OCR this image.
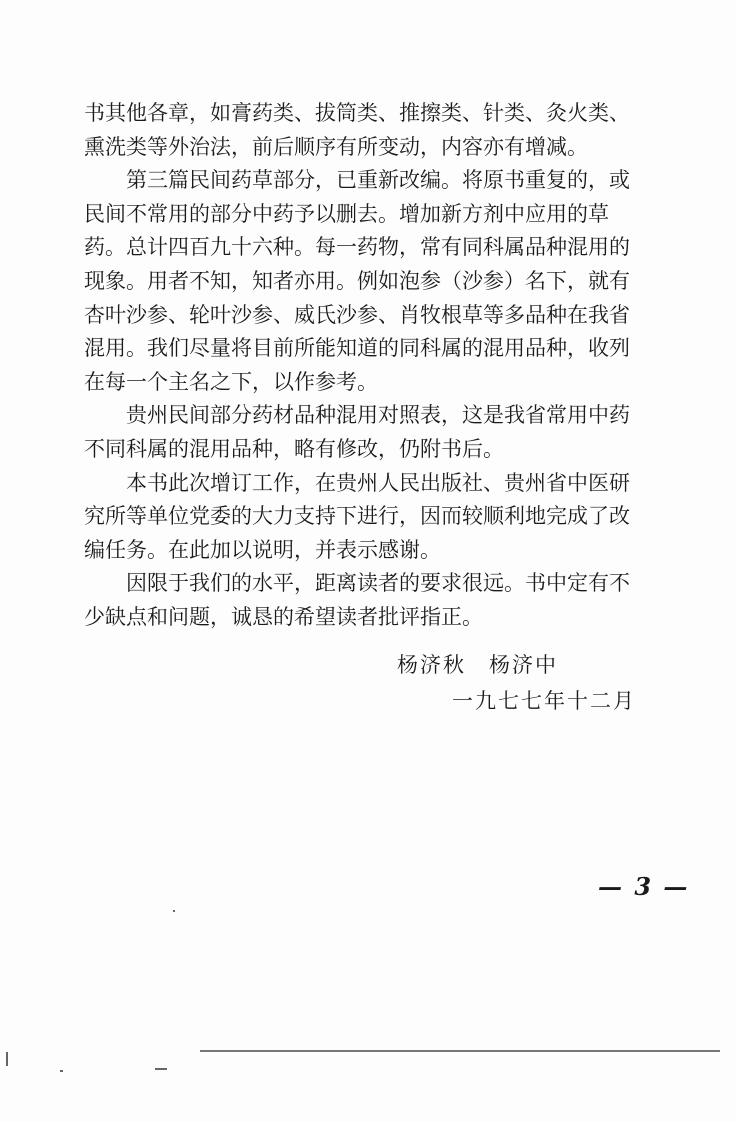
书其他各章，如膏药类、拔筒类、推擦类、针类、灸火类、
熏洗类等外治法，前后顺序有所变动，内容亦有增减。
第三篇民间药草部分，已重新改编。将原书重复的，或
民间不常用的部分中药予以删去。增加新方剂中应用的草
药。总计四百九十六种。每一药物，常有同科属品种混用的
现象。用者不知，知者亦用。例如泡参（沙参）名下，就有
杏叶沙参、轮叶沙参、威氏沙参、肖牧根草等多品种在我省
混用。我们尽量将目前所能知道的同科属的混用品种，收列
在每一个主名之下，以作参考。
贵州民间部分药材品种混用对照表，这是我省常用中药
不同科属的混用品种，略有修改，仍附书后。
本书此次增订工作，在贵州人民出版社、贵州省中医研
究所等单位党委的大力支持下进行，因而较顺利地完成了改
编任务。在此加以说明，并表示感谢。
因限于我们的水平，距离读者的要求很远。书中定有不
少缺点和问题，诚恳的希望读者批评指正。
杨济秋　杨济中
一九七七年十二月
— 3 —
